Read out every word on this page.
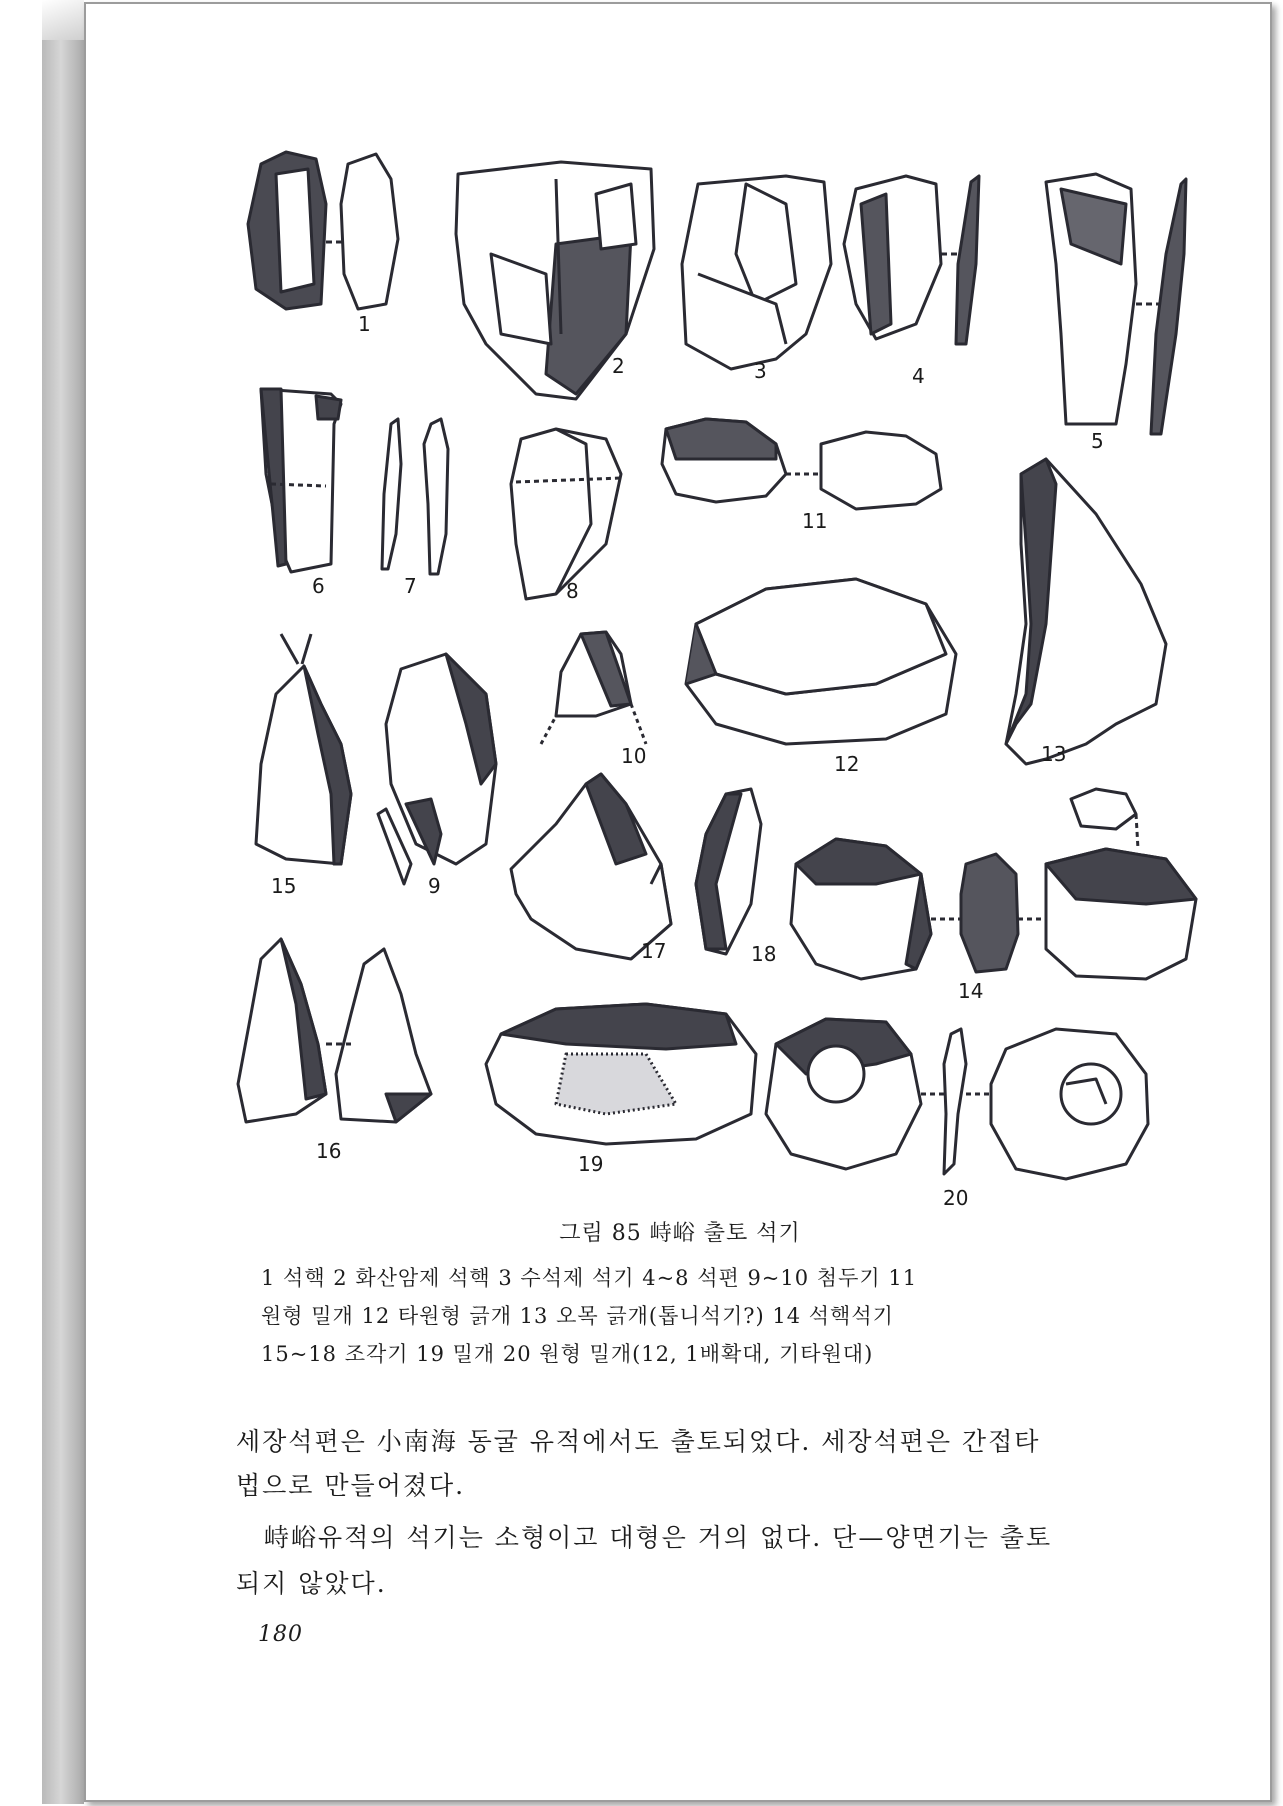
1
2	3	4
5
6	7	8
11
10	12	13
15	9
17	18
14
16
19
20
그림 85 峙峪 출토 석기
1 석핵 2 화산암제 석핵 3 수석제 석기 4~8 석편 9~10 첨두기 11
원형 밀개 12 타원형 긁개 13 오목 긁개(톱니석기?) 14 석핵석기
15~18 조각기 19 밀개 20 원형 밀개(12, 1배확대, 기타원대)
세장석편은 小南海 동굴 유적에서도 출토되었다. 세장석편은 간접타
법으로 만들어졌다.
峙峪유적의 석기는 소형이고 대형은 거의 없다. 단—양면기는 출토
되지 않았다.
180
